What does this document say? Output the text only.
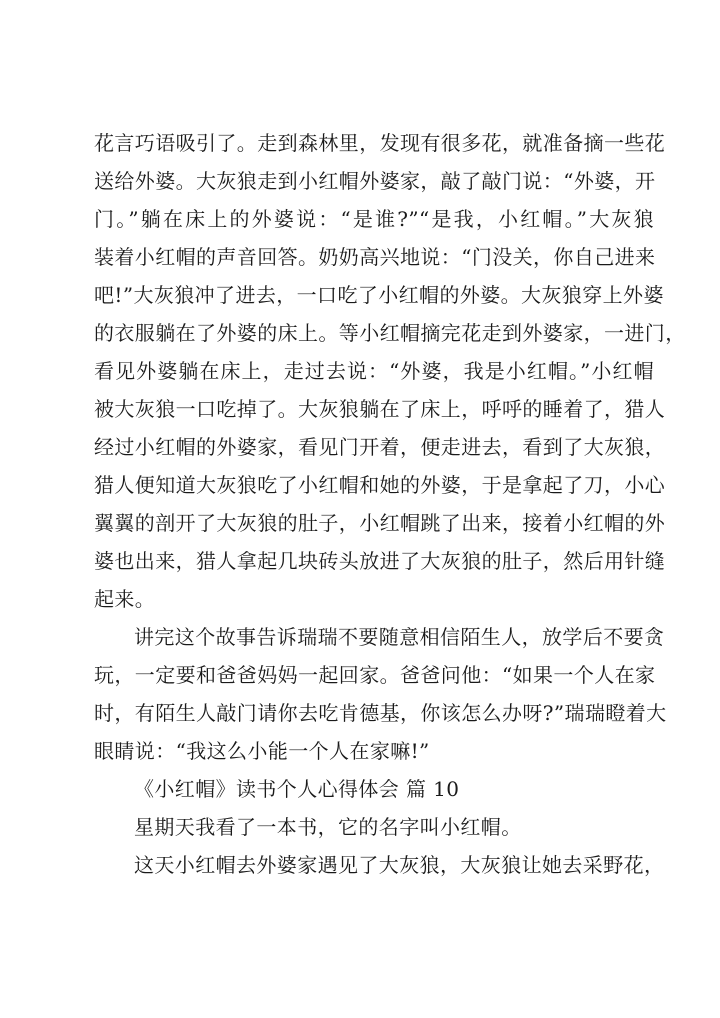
花言巧语吸引了。走到森林里，发现有很多花，就准备摘一些花
送给外婆。大灰狼走到小红帽外婆家，敲了敲门说：“外婆，开
门。”躺在床上的外婆说：“是谁?”“是我，小红帽。”大灰狼
装着小红帽的声音回答。奶奶高兴地说：“门没关，你自己进来
吧!”大灰狼冲了进去，一口吃了小红帽的外婆。大灰狼穿上外婆
的衣服躺在了外婆的床上。等小红帽摘完花走到外婆家，一进门，
看见外婆躺在床上，走过去说：“外婆，我是小红帽。”小红帽
被大灰狼一口吃掉了。大灰狼躺在了床上，呼呼的睡着了，猎人
经过小红帽的外婆家，看见门开着，便走进去，看到了大灰狼，
猎人便知道大灰狼吃了小红帽和她的外婆，于是拿起了刀，小心
翼翼的剖开了大灰狼的肚子，小红帽跳了出来，接着小红帽的外
婆也出来，猎人拿起几块砖头放进了大灰狼的肚子，然后用针缝
起来。
讲完这个故事告诉瑞瑞不要随意相信陌生人，放学后不要贪
玩，一定要和爸爸妈妈一起回家。爸爸问他：“如果一个人在家
时，有陌生人敲门请你去吃肯德基，你该怎么办呀?”瑞瑞瞪着大
眼睛说：“我这么小能一个人在家嘛!”
《小红帽》读书个人心得体会 篇 10
星期天我看了一本书，它的名字叫小红帽。
这天小红帽去外婆家遇见了大灰狼，大灰狼让她去采野花，
